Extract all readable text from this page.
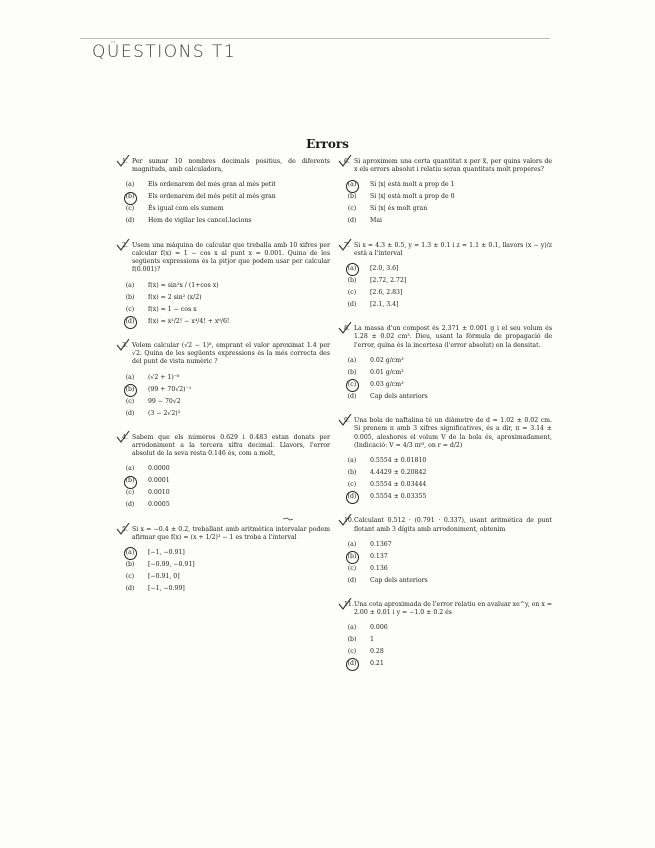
QÜESTIONS T1
Errors
1. Per sumar 10 nombres decimals positius, de diferents magnituds, amb calculadora,
(a) Els ordenarem del més gran al més petit
(b) Els ordenarem del més petit al més gran
(c) És igual com els sumem
(d) Hem de vigilar les cancel.lacions
2. Usem una màquina de calcular que treballa amb 10 xifres per calcular f(x) = 1 − cos x al punt x = 0.001. Quina de les següents expressions és la pitjor que podem usar per calcular f(0.001)?
(a) f(x) = sin²x / (1+cos x)
(b) f(x) = 2 sin² (x/2)
(c) f(x) = 1 − cos x
(d) f(x) = x²/2! − x⁴/4! + x⁶/6!
3. Volem calcular (√2 − 1)⁶, emprant el valor aproximat 1.4 per √2. Quina de les següents expressions és la més correcta des del punt de vista numèric ?
(a) (√2 + 1)⁻⁶
(b) (99 + 70√2)⁻¹
(c) 99 − 70√2
(d) (3 − 2√2)³
4. Sabem que els números 0.629 i 0.483 estan donats per arrodoniment a la tercera xifra decimal. Llavors, l'error absolut de la seva resta 0.146 és, com a molt,
(a) 0.0000
(b) 0.0001
(c) 0.0010
(d) 0.0005
5. Si x = −0.4 ± 0.2, treballant amb aritmètica intervalar podem afirmar que f(x) = (x + 1/2)³ − 1 es troba a l'interval
(a) [−1, −0.91]
(b) [−0.99, −0.91]
(c) [−0.91, 0]
(d) [−1, −0.99]
6. Si aproximem una certa quantitat x per x̃, per quins valors de x els errors absolut i relatiu seran quantitats molt properes?
(a) Si |x| està molt a prop de 1
(b) Si |x| està molt a prop de 0
(c) Si |x| és molt gran
(d) Mai
7. Si x = 4.3 ± 0.5, y = 1.3 ± 0.1 i z = 1.1 ± 0.1, llavors (x − y)/z està a l'interval
(a) [2.0, 3.6]
(b) [2.72, 2.72]
(c) [2.6, 2.83]
(d) [2.1, 3.4]
8. La massa d'un compost és 2.371 ± 0.001 g i el seu volum és 1.28 ± 0.02 cm³. Dieu, usant la fórmula de propagació de l'error, quina és la incertesa (l'error absolut) en la densitat.
(a) 0.02 g/cm³
(b) 0.01 g/cm³
(c) 0.03 g/cm³
(d) Cap dels anteriors
9. Una bola de naftalina té un diàmetre de d = 1.02 ± 0.02 cm. Si prenem π amb 3 xifres significatives, és a dir, π = 3.14 ± 0.005, aleshores el volum V de la bola és, aproximadament, (Indicació: V = 4/3 πr³, on r = d/2)
(a) 0.5554 ± 0.01810
(b) 4.4429 ± 0.20842
(c) 0.5554 ± 0.03444
(d) 0.5554 ± 0.03355
10.Calculant 0.512 · (0.791 · 0.337), usant aritmètica de punt flotant amb 3 dígits amb arrodoniment, obtenim
(a) 0.1367
(b) 0.137
(c) 0.136
(d) Cap dels anteriors
11.Una cota aproximada de l'error relatiu en avaluar xe^y, on x = 2.00 ± 0.01 i y = −1.0 ± 0.2 és
(a) 0.006
(b) 1
(c) 0.28
(d) 0.21
